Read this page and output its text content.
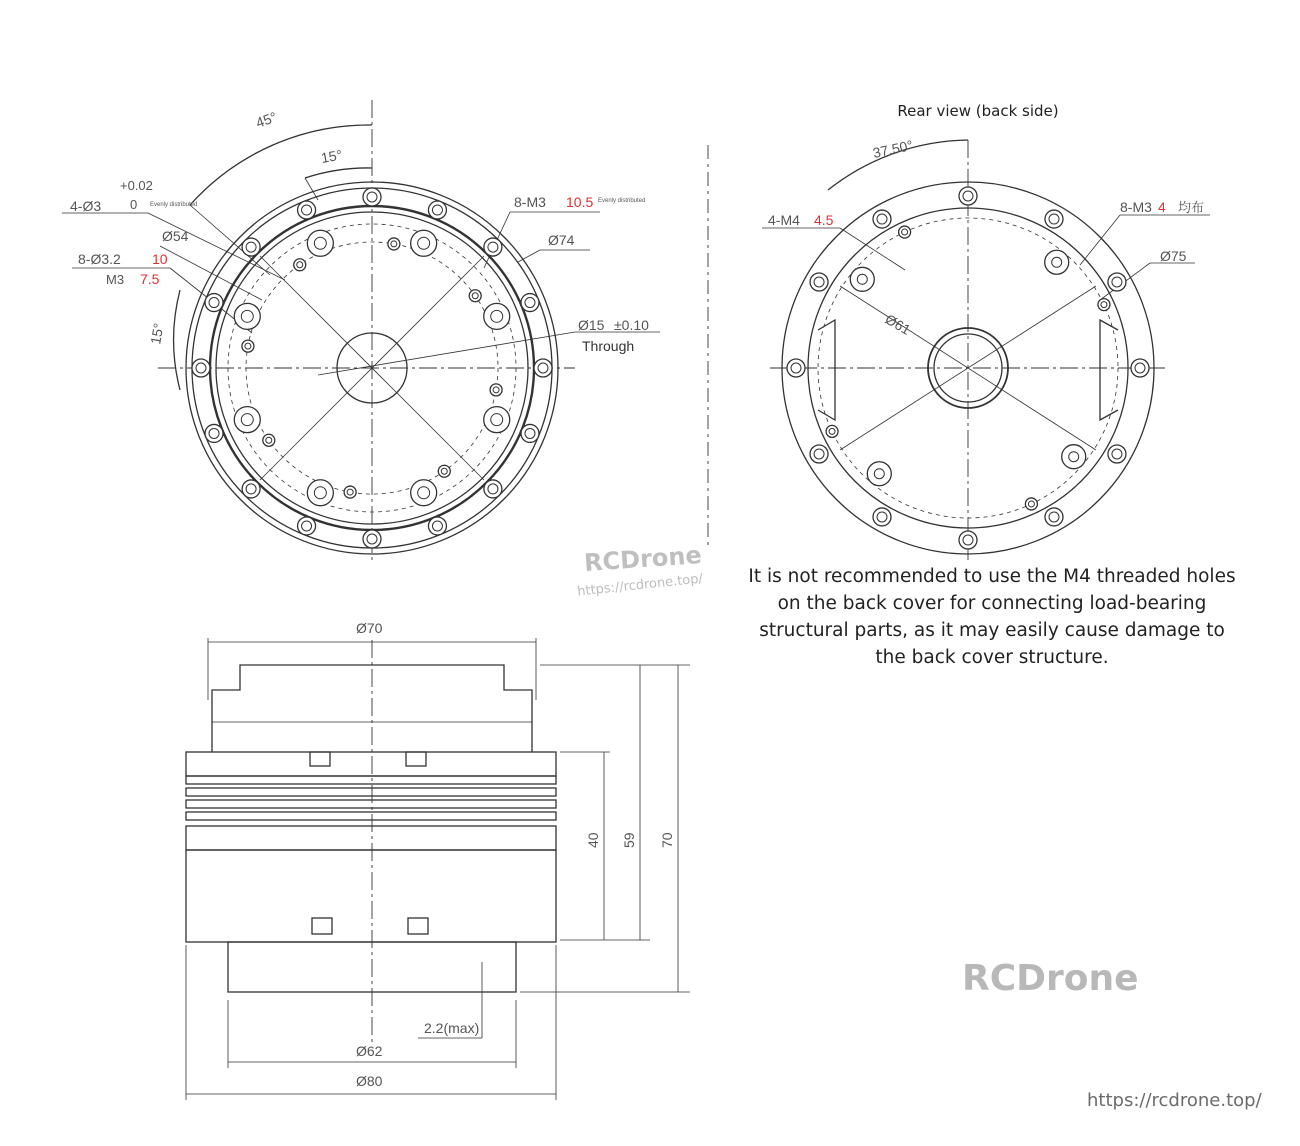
45°
15°
15°
+0.02
4-Ø3 0 Evenly distributed
Ø54
8-Ø3.2 10
M3 7.5
8-M3 10.5 Evenly distributed
Ø74
Ø15 ±0.10
Through
37.50°
4-M4 4.5
8-M3 4 均布
Ø75
Ø61
Ø70
40 59 70
2.2(max)
Ø62
Ø80
Rear view (back side)

It is not recommended to use the M4 threaded holes on the back cover for connecting load-bearing structural parts, as it may easily cause damage to the back cover structure.

RCDrone
https://rcdrone.top/
RCDrone
https://rcdrone.top/
